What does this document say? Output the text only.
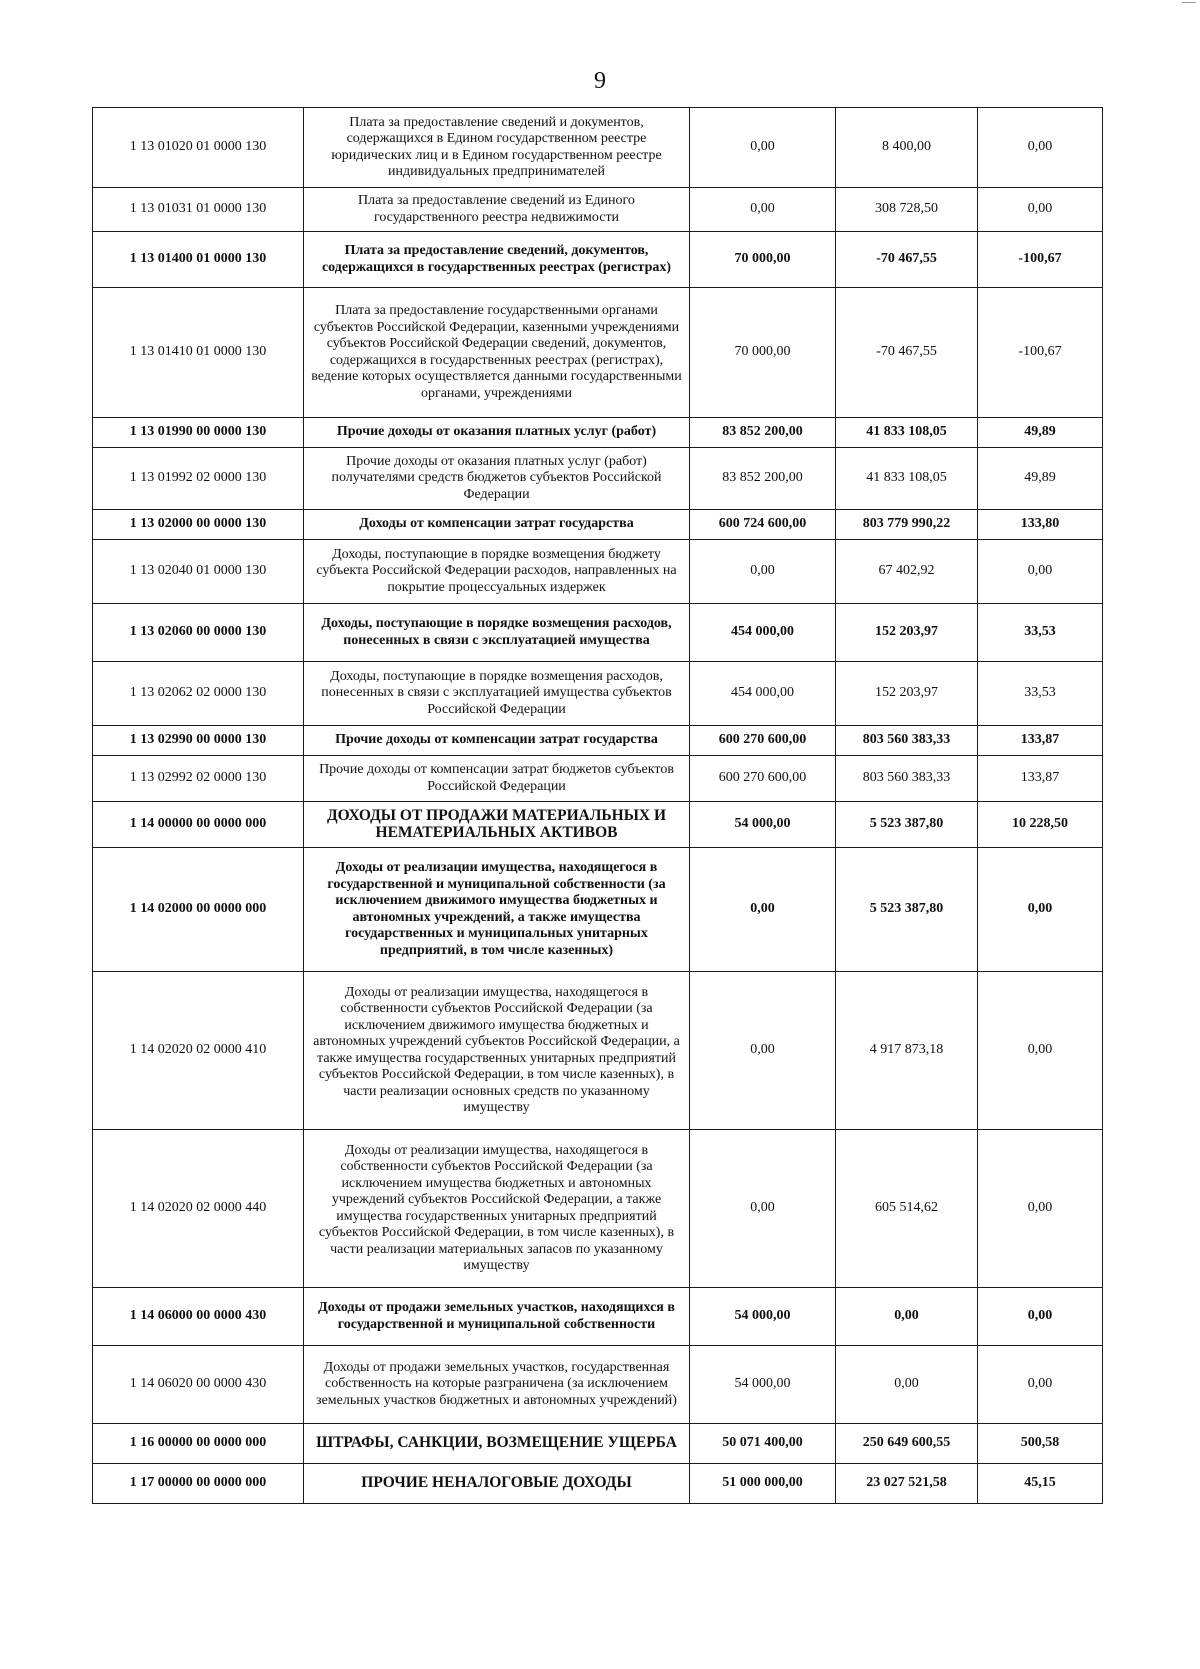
9
1 13 01020 01 0000 130	Плата за предоставление сведений и документов, содержащихся в Едином государственном реестре юридических лиц и в Едином государственном реестре индивидуальных предпринимателей	0,00	8 400,00	0,00
1 13 01031 01 0000 130	Плата за предоставление сведений из Единого государственного реестра недвижимости	0,00	308 728,50	0,00
1 13 01400 01 0000 130	Плата за предоставление сведений, документов, содержащихся в государственных реестрах (регистрах)	70 000,00	-70 467,55	-100,67
1 13 01410 01 0000 130	Плата за предоставление государственными органами субъектов Российской Федерации, казенными учреждениями субъектов Российской Федерации сведений, документов, содержащихся в государственных реестрах (регистрах), ведение которых осуществляется данными государственными органами, учреждениями	70 000,00	-70 467,55	-100,67
1 13 01990 00 0000 130	Прочие доходы от оказания платных услуг (работ)	83 852 200,00	41 833 108,05	49,89
1 13 01992 02 0000 130	Прочие доходы от оказания платных услуг (работ) получателями средств бюджетов субъектов Российской Федерации	83 852 200,00	41 833 108,05	49,89
1 13 02000 00 0000 130	Доходы от компенсации затрат государства	600 724 600,00	803 779 990,22	133,80
1 13 02040 01 0000 130	Доходы, поступающие в порядке возмещения бюджету субъекта Российской Федерации расходов, направленных на покрытие процессуальных издержек	0,00	67 402,92	0,00
1 13 02060 00 0000 130	Доходы, поступающие в порядке возмещения расходов, понесенных в связи с эксплуатацией имущества	454 000,00	152 203,97	33,53
1 13 02062 02 0000 130	Доходы, поступающие в порядке возмещения расходов, понесенных в связи с эксплуатацией имущества субъектов Российской Федерации	454 000,00	152 203,97	33,53
1 13 02990 00 0000 130	Прочие доходы от компенсации затрат государства	600 270 600,00	803 560 383,33	133,87
1 13 02992 02 0000 130	Прочие доходы от компенсации затрат бюджетов субъектов Российской Федерации	600 270 600,00	803 560 383,33	133,87
1 14 00000 00 0000 000	ДОХОДЫ ОТ ПРОДАЖИ МАТЕРИАЛЬНЫХ И НЕМАТЕРИАЛЬНЫХ АКТИВОВ	54 000,00	5 523 387,80	10 228,50
1 14 02000 00 0000 000	Доходы от реализации имущества, находящегося в государственной и муниципальной собственности (за исключением движимого имущества бюджетных и автономных учреждений, а также имущества государственных и муниципальных унитарных предприятий, в том числе казенных)	0,00	5 523 387,80	0,00
1 14 02020 02 0000 410	Доходы от реализации имущества, находящегося в собственности субъектов Российской Федерации (за исключением движимого имущества бюджетных и автономных учреждений субъектов Российской Федерации, а также имущества государственных унитарных предприятий субъектов Российской Федерации, в том числе казенных), в части реализации основных средств по указанному имуществу	0,00	4 917 873,18	0,00
1 14 02020 02 0000 440	Доходы от реализации имущества, находящегося в собственности субъектов Российской Федерации (за исключением имущества бюджетных и автономных учреждений субъектов Российской Федерации, а также имущества государственных унитарных предприятий субъектов Российской Федерации, в том числе казенных), в части реализации материальных запасов по указанному имуществу	0,00	605 514,62	0,00
1 14 06000 00 0000 430	Доходы от продажи земельных участков, находящихся в государственной и муниципальной собственности	54 000,00	0,00	0,00
1 14 06020 00 0000 430	Доходы от продажи земельных участков, государственная собственность на которые разграничена (за исключением земельных участков бюджетных и автономных учреждений)	54 000,00	0,00	0,00
1 16 00000 00 0000 000	ШТРАФЫ, САНКЦИИ, ВОЗМЕЩЕНИЕ УЩЕРБА	50 071 400,00	250 649 600,55	500,58
1 17 00000 00 0000 000	ПРОЧИЕ НЕНАЛОГОВЫЕ ДОХОДЫ	51 000 000,00	23 027 521,58	45,15
